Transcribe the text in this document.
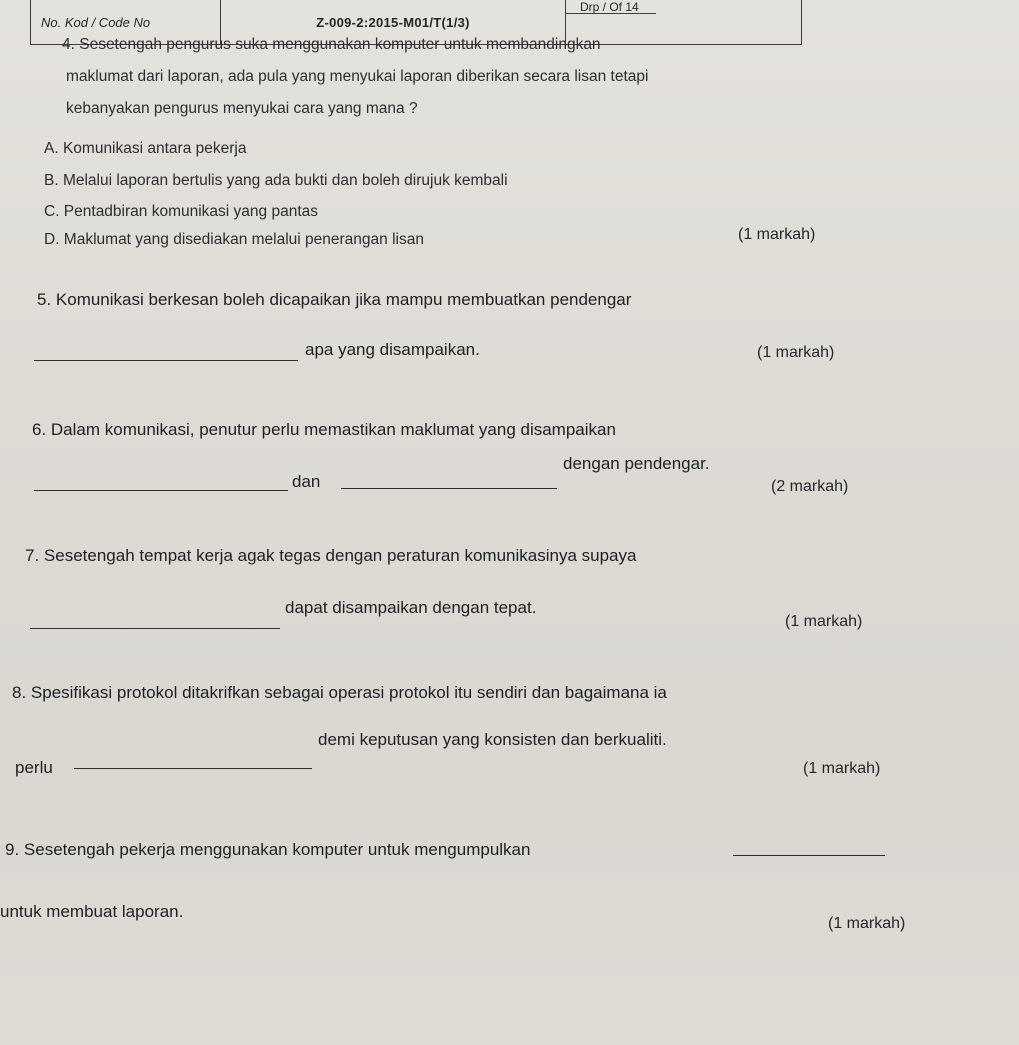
No. Kod / Code No	Z-009-2:2015-M01/T(1/3)
Drp / Of 14
4. Sesetengah pengurus suka menggunakan komputer untuk membandingkan
maklumat dari laporan, ada pula yang menyukai laporan diberikan secara lisan tetapi
kebanyakan pengurus menyukai cara yang mana ?
A. Komunikasi antara pekerja
B. Melalui laporan bertulis yang ada bukti dan boleh dirujuk kembali
C. Pentadbiran komunikasi yang pantas
D. Maklumat yang disediakan melalui penerangan lisan	(1 markah)
5. Komunikasi berkesan boleh dicapaikan jika mampu membuatkan pendengar
apa yang disampaikan.	(1 markah)
6. Dalam komunikasi, penutur perlu memastikan maklumat yang disampaikan
dan
dengan pendengar.
(2 markah)
7. Sesetengah tempat kerja agak tegas dengan peraturan komunikasinya supaya
dapat disampaikan dengan tepat.
(1 markah)
8. Spesifikasi protokol ditakrifkan sebagai operasi protokol itu sendiri dan bagaimana ia
perlu
demi keputusan yang konsisten dan berkualiti.
(1 markah)
9. Sesetengah pekerja menggunakan komputer untuk mengumpulkan
untuk membuat laporan.
(1 markah)
